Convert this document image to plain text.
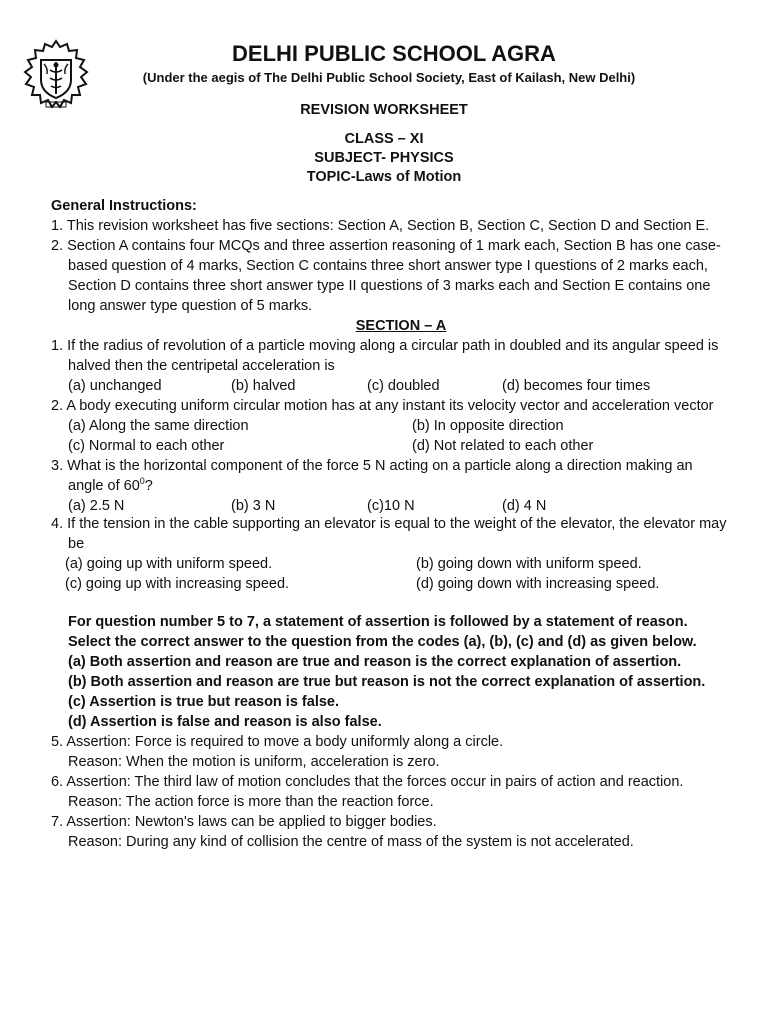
DELHI PUBLIC SCHOOL AGRA
(Under the aegis of The Delhi Public School Society, East of Kailash, New Delhi)
REVISION WORKSHEET
CLASS – XI
SUBJECT- PHYSICS
TOPIC-Laws of Motion
General Instructions:

1. This revision worksheet has five sections: Section A, Section B, Section C, Section D and Section E.

2. Section A contains four MCQs and three assertion reasoning of 1 mark each, Section B has one case-based question of 4 marks, Section C contains three short answer type I questions of 2 marks each, Section D contains three short answer type II questions of 3 marks each and Section E contains one long answer type question of 5 marks.

SECTION – A

1. If the radius of revolution of a particle moving along a circular path in doubled and its angular speed is halved then the centripetal acceleration is

(a) unchanged	(b) halved	(c) doubled	(d) becomes four times

2. A body executing uniform circular motion has at any instant its velocity vector and acceleration vector

(a) Along the same direction	(b) In opposite direction
(c) Normal to each other	(d) Not related to each other

3. What is the horizontal component of the force 5 N acting on a particle along a direction making an angle of $60^0$?

(a) 2.5 N	(b) 3 N	(c)10 N	(d) 4 N

4. If the tension in the cable supporting an elevator is equal to the weight of the elevator, the elevator may be

(a) going up with uniform speed.	(b) going down with uniform speed.
(c) going up with increasing speed.	(d) going down with increasing speed.
For question number 5 to 7, a statement of assertion is followed by a statement of reason. Select the correct answer to the question from the codes (a), (b), (c) and (d) as given below.
(a) Both assertion and reason are true and reason is the correct explanation of assertion.
(b) Both assertion and reason are true but reason is not the correct explanation of assertion.
(c) Assertion is true but reason is false.
(d) Assertion is false and reason is also false.

5. Assertion: Force is required to move a body uniformly along a circle.

Reason: When the motion is uniform, acceleration is zero.

6. Assertion: The third law of motion concludes that the forces occur in pairs of action and reaction.

Reason: The action force is more than the reaction force.

7. Assertion: Newton's laws can be applied to bigger bodies.

Reason: During any kind of collision the centre of mass of the system is not accelerated.
